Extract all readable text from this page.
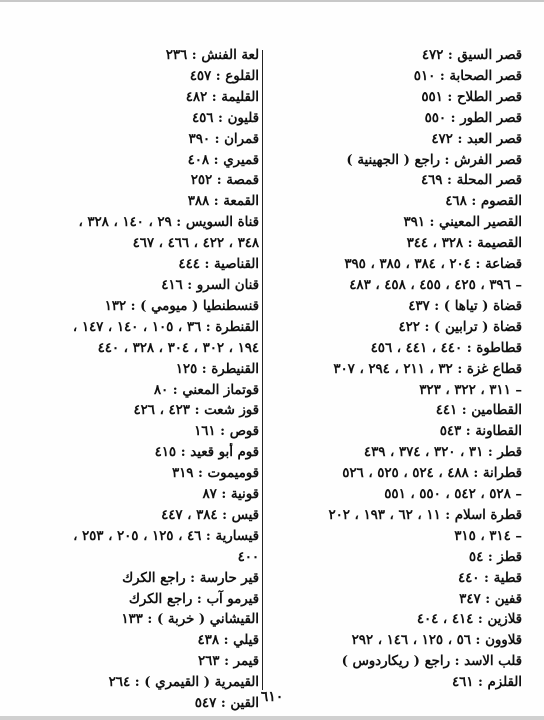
قصر السيق : ٤٧٢
قصر الصحابة : ٥١٠
قصر الطلاح : ٥٥١
قصر الطور : ٥٥٠
قصر العبد : ٤٧٢
قصر الفرش : راجع ( الجهينية )
قصر المحلة : ٤٦٩
القصوم : ٤٦٨
القصير المعيني : ٣٩١
القصيمة : ٣٢٨ ، ٣٤٤
قضاعة : ٢٠٤ ، ٣٨٤ ، ٣٨٥ ، ٣٩٥
– ٣٩٦ ، ٤٢٥ ، ٤٥٥ ، ٤٥٨ ، ٤٨٣
قضاة ( تياها ) : ٤٣٧
قضاة ( ترابين ) : ٤٢٢
قطاطوة : ٤٤٠ ، ٤٤١ ، ٤٥٦
قطاع غزة : ٣٢ ، ٢١١ ، ٢٩٤ ، ٣٠٧
– ٣١١ ، ٣٢٢ ، ٣٢٣
القطامين : ٤٤١
القطاونة : ٥٤٣
قطر : ٣١ ، ٣٢٠ ، ٣٧٤ ، ٤٣٩
قطرانة : ٤٨٨ ، ٥٢٤ ، ٥٢٥ ، ٥٢٦
– ٥٢٨ ، ٥٤٢ ، ٥٥٠ ، ٥٥١
قطرة اسلام : ١١ ، ٦٢ ، ١٩٣ ، ٢٠٢
– ٣١٤ ، ٣١٥
قطز : ٥٤
قطية : ٤٤٠
قفين : ٣٤٧
قلازين : ٤١٤ ، ٤٠٤
قلاوون : ٥٦ ، ١٢٥ ، ١٤٦ ، ٢٩٢
قلب الاسد : راجع ( ريكاردوس )
القلزم : ٤٦١
لعة الفنش : ٢٣٦
القلوع : ٤٥٧
القليمة : ٤٨٢
قليون : ٤٥٦
قمران : ٣٩٠
قميري : ٤٠٨
قمصة : ٢٥٢
القمعة : ٣٨٨
قناة السويس : ٢٩ ، ١٤٠ ، ٣٢٨ ،
٣٤٨ ، ٤٢٢ ، ٤٦٦ ، ٤٦٧
القناصية : ٤٤٤
قنان السرو : ٤١٦
قنسطنطيا ( ميومي ) : ١٣٢
القنطرة : ٣٦ ، ١٠٥ ، ١٤٠ ، ١٤٧ ،
١٩٤ ، ٣٠٢ ، ٣٠٤ ، ٣٢٨ ، ٤٤٠
القنيطرة : ١٢٥
قوتماز المعني : ٨٠
قوز شعت : ٤٢٣ ، ٤٢٦
قوص : ١٦١
قوم أبو قعيد : ٤١٥
قوميموت : ٣١٩
قونية : ٨٧
قيس : ٣٨٤ ، ٤٤٧
قيسارية : ٤٦ ، ١٢٥ ، ٢٠٥ ، ٢٥٣ ،
٤٠٠
قير حارسة : راجع الكرك
قيرمو آب : راجع الكرك
القيشاني ( خربة ) : ١٣٣
قيلي : ٤٣٨
قيمر : ٢٦٣
القيمرية ( القيمري ) : ٢٦٤
القين : ٥٤٧ ٦١٠
